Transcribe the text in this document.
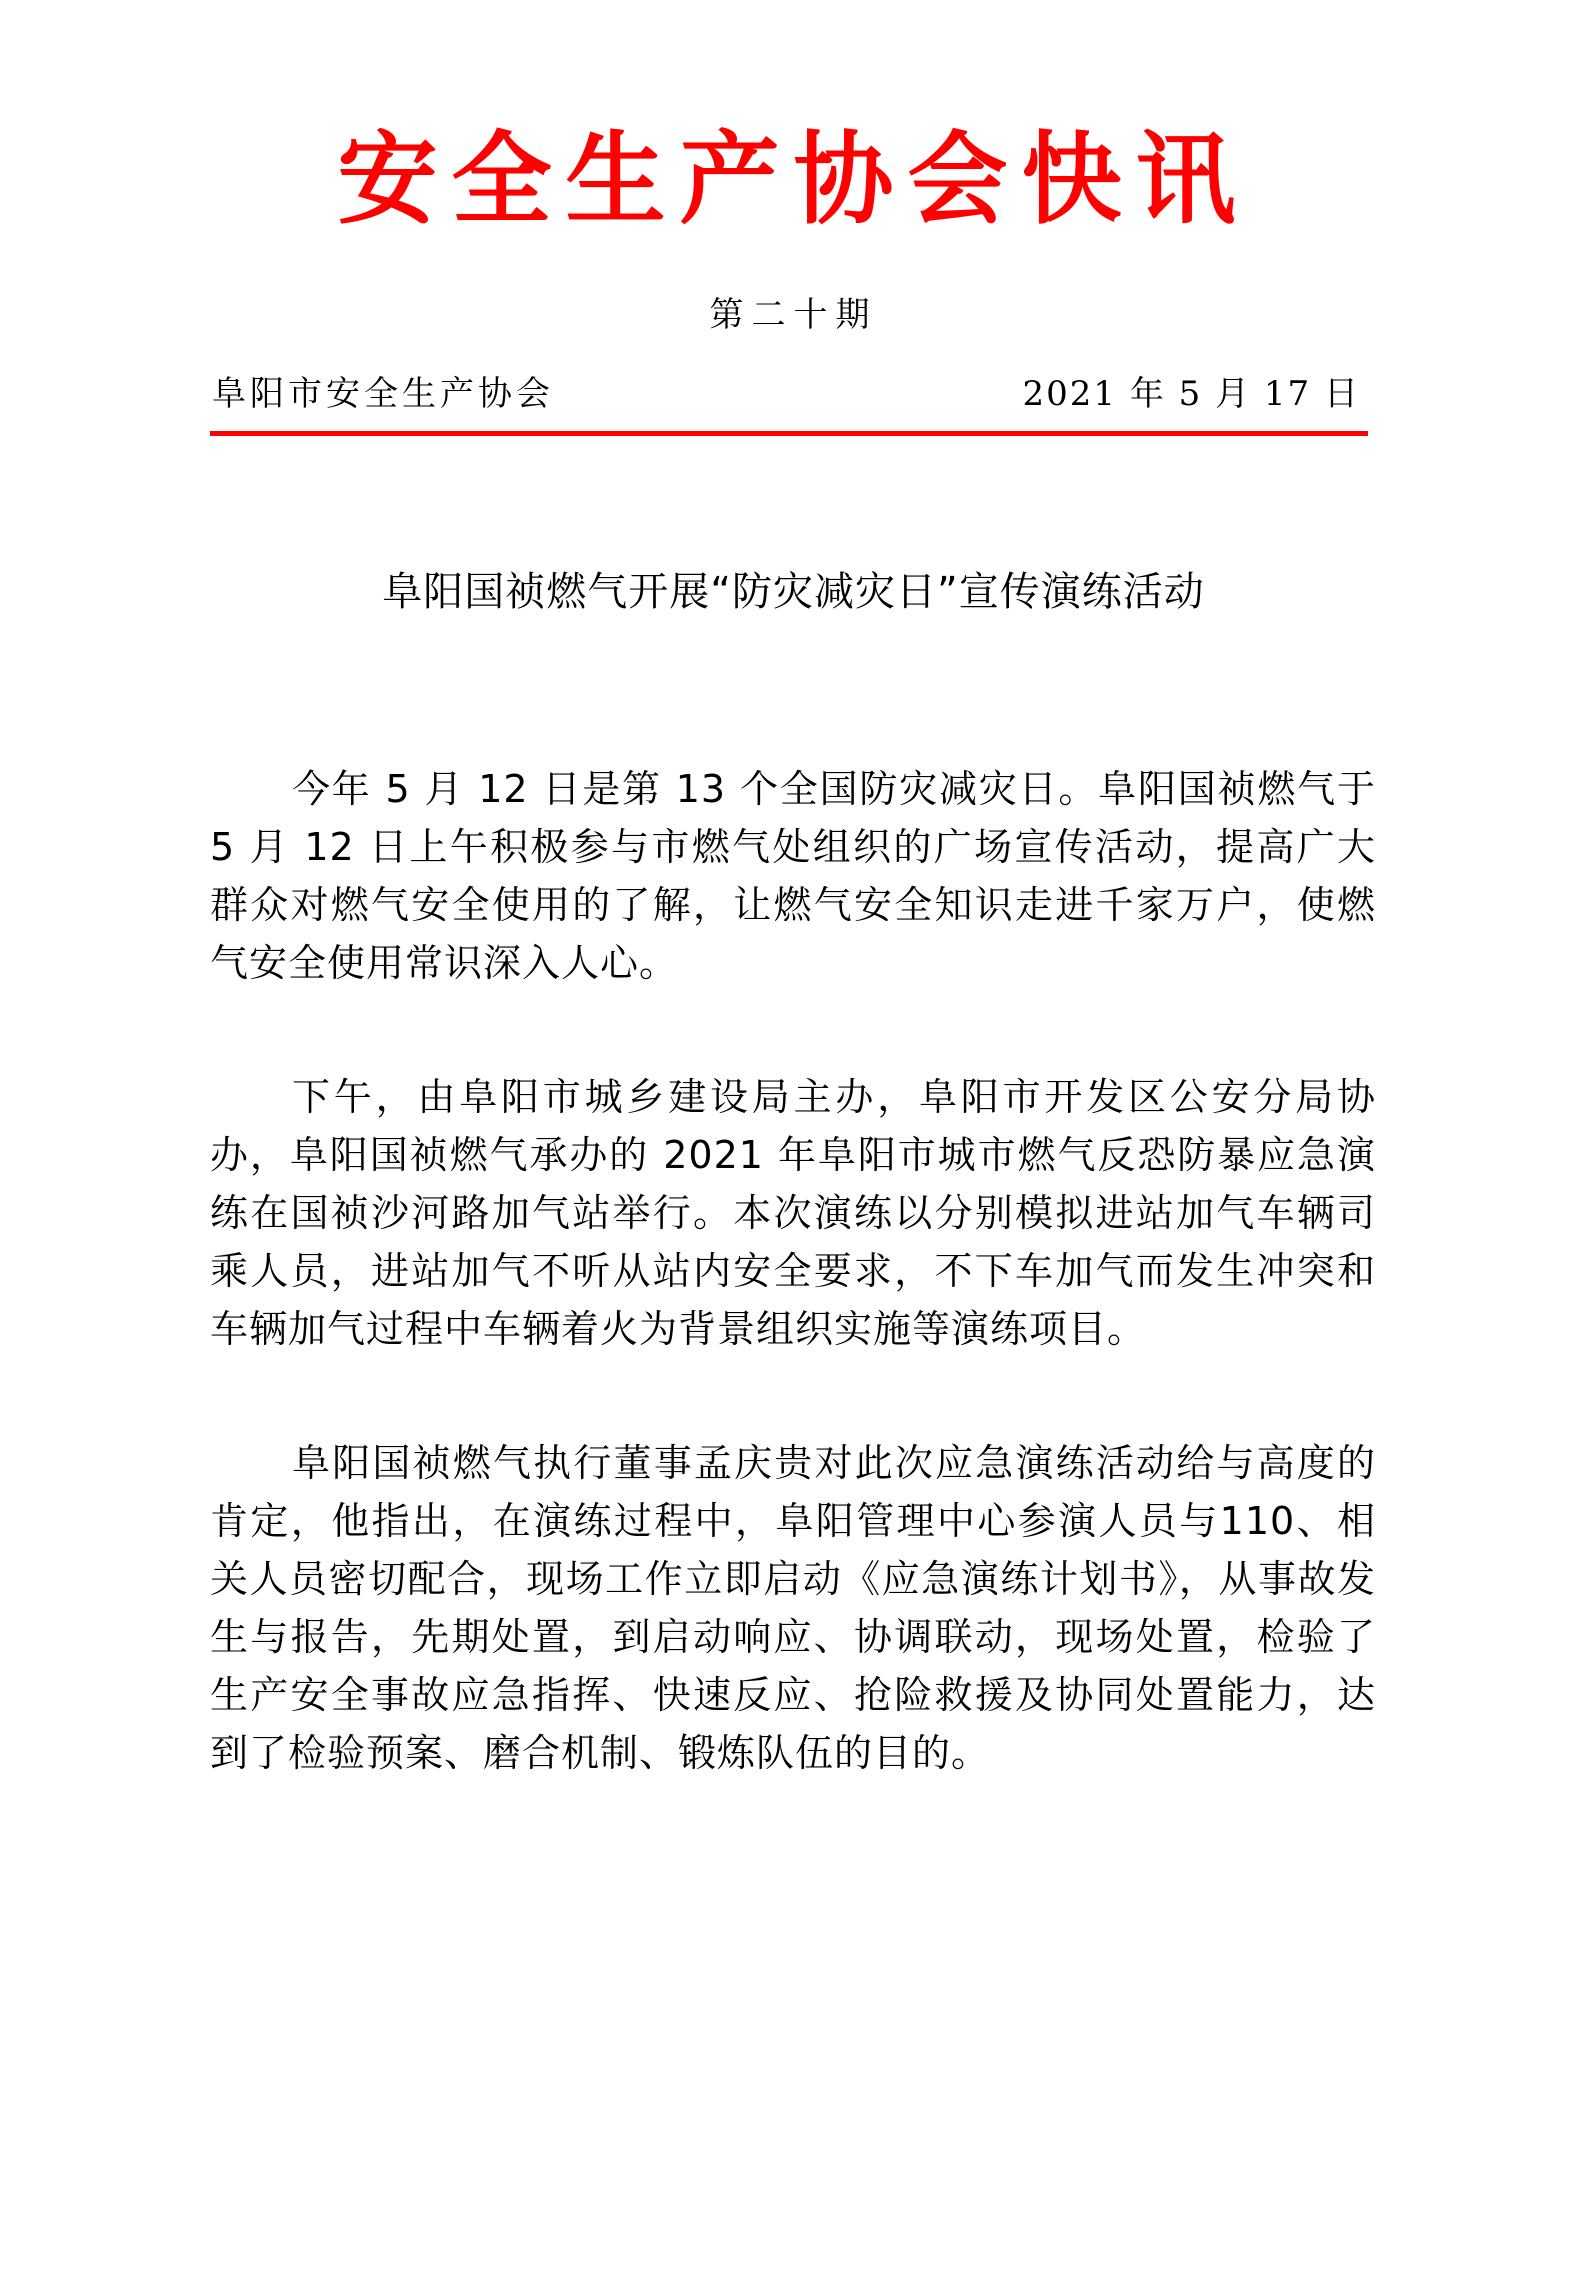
安全生产协会快讯
第二十期
阜阳市安全生产协会	2021 年 5 月 17 日
阜阳国祯燃气开展“防灾减灾日”宣传演练活动

今年 5 月 12 日是第 13 个全国防灾减灾日。阜阳国祯燃气于 5 月 12 日上午积极参与市燃气处组织的广场宣传活动，提高广大群众对燃气安全使用的了解，让燃气安全知识走进千家万户，使燃气安全使用常识深入人心。

下午，由阜阳市城乡建设局主办，阜阳市开发区公安分局协办，阜阳国祯燃气承办的 2021 年阜阳市城市燃气反恐防暴应急演练在国祯沙河路加气站举行。本次演练以分别模拟进站加气车辆司乘人员，进站加气不听从站内安全要求，不下车加气而发生冲突和车辆加气过程中车辆着火为背景组织实施等演练项目。

阜阳国祯燃气执行董事孟庆贵对此次应急演练活动给与高度的肯定，他指出，在演练过程中，阜阳管理中心参演人员与110、相关人员密切配合，现场工作立即启动《应急演练计划书》，从事故发生与报告，先期处置，到启动响应、协调联动，现场处置，检验了生产安全事故应急指挥、快速反应、抢险救援及协同处置能力，达到了检验预案、磨合机制、锻炼队伍的目的。
